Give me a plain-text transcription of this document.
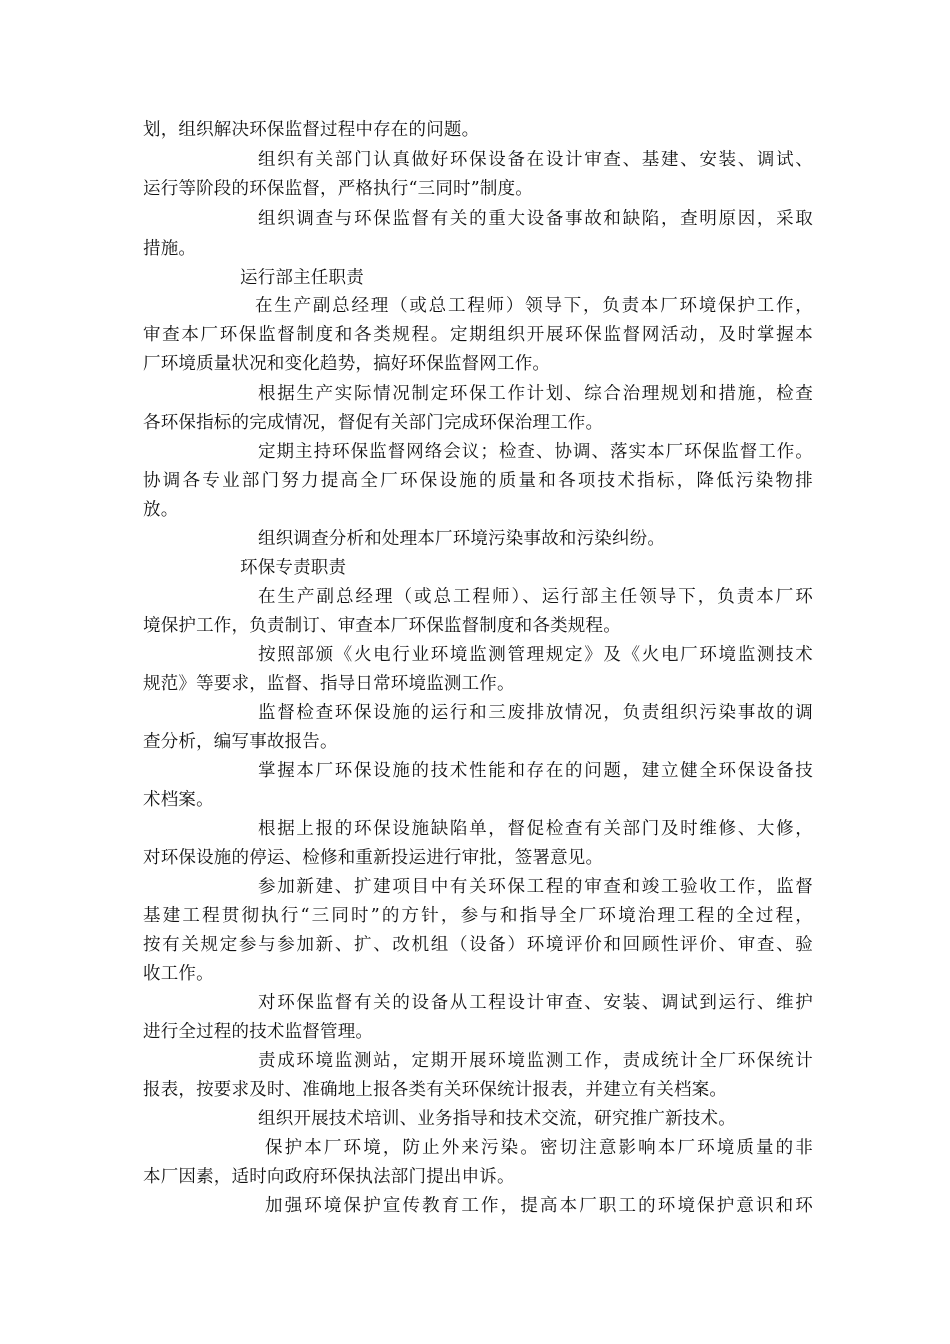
划，组织解决环保监督过程中存在的问题。
组织有关部门认真做好环保设备在设计审查、基建、安装、调试、
运行等阶段的环保监督，严格执行“三同时”制度。
组织调查与环保监督有关的重大设备事故和缺陷，查明原因，采取
措施。
运行部主任职责
在生产副总经理（或总工程师）领导下，负责本厂环境保护工作，
审查本厂环保监督制度和各类规程。定期组织开展环保监督网活动，及时掌握本
厂环境质量状况和变化趋势，搞好环保监督网工作。
根据生产实际情况制定环保工作计划、综合治理规划和措施，检查
各环保指标的完成情况，督促有关部门完成环保治理工作。
定期主持环保监督网络会议；检查、协调、落实本厂环保监督工作。
协调各专业部门努力提高全厂环保设施的质量和各项技术指标，降低污染物排
放。
组织调查分析和处理本厂环境污染事故和污染纠纷。
环保专责职责
在生产副总经理（或总工程师）、运行部主任领导下，负责本厂环
境保护工作，负责制订、审查本厂环保监督制度和各类规程。
按照部颁《火电行业环境监测管理规定》及《火电厂环境监测技术
规范》等要求，监督、指导日常环境监测工作。
监督检查环保设施的运行和三废排放情况，负责组织污染事故的调
查分析，编写事故报告。
掌握本厂环保设施的技术性能和存在的问题，建立健全环保设备技
术档案。
根据上报的环保设施缺陷单，督促检查有关部门及时维修、大修，
对环保设施的停运、检修和重新投运进行审批，签署意见。
参加新建、扩建项目中有关环保工程的审查和竣工验收工作，监督
基建工程贯彻执行“三同时”的方针，参与和指导全厂环境治理工程的全过程，
按有关规定参与参加新、扩、改机组（设备）环境评价和回顾性评价、审查、验
收工作。
对环保监督有关的设备从工程设计审查、安装、调试到运行、维护
进行全过程的技术监督管理。
责成环境监测站，定期开展环境监测工作，责成统计全厂环保统计
报表，按要求及时、准确地上报各类有关环保统计报表，并建立有关档案。
组织开展技术培训、业务指导和技术交流，研究推广新技术。
保护本厂环境，防止外来污染。密切注意影响本厂环境质量的非
本厂因素，适时向政府环保执法部门提出申诉。
加强环境保护宣传教育工作，提高本厂职工的环境保护意识和环
